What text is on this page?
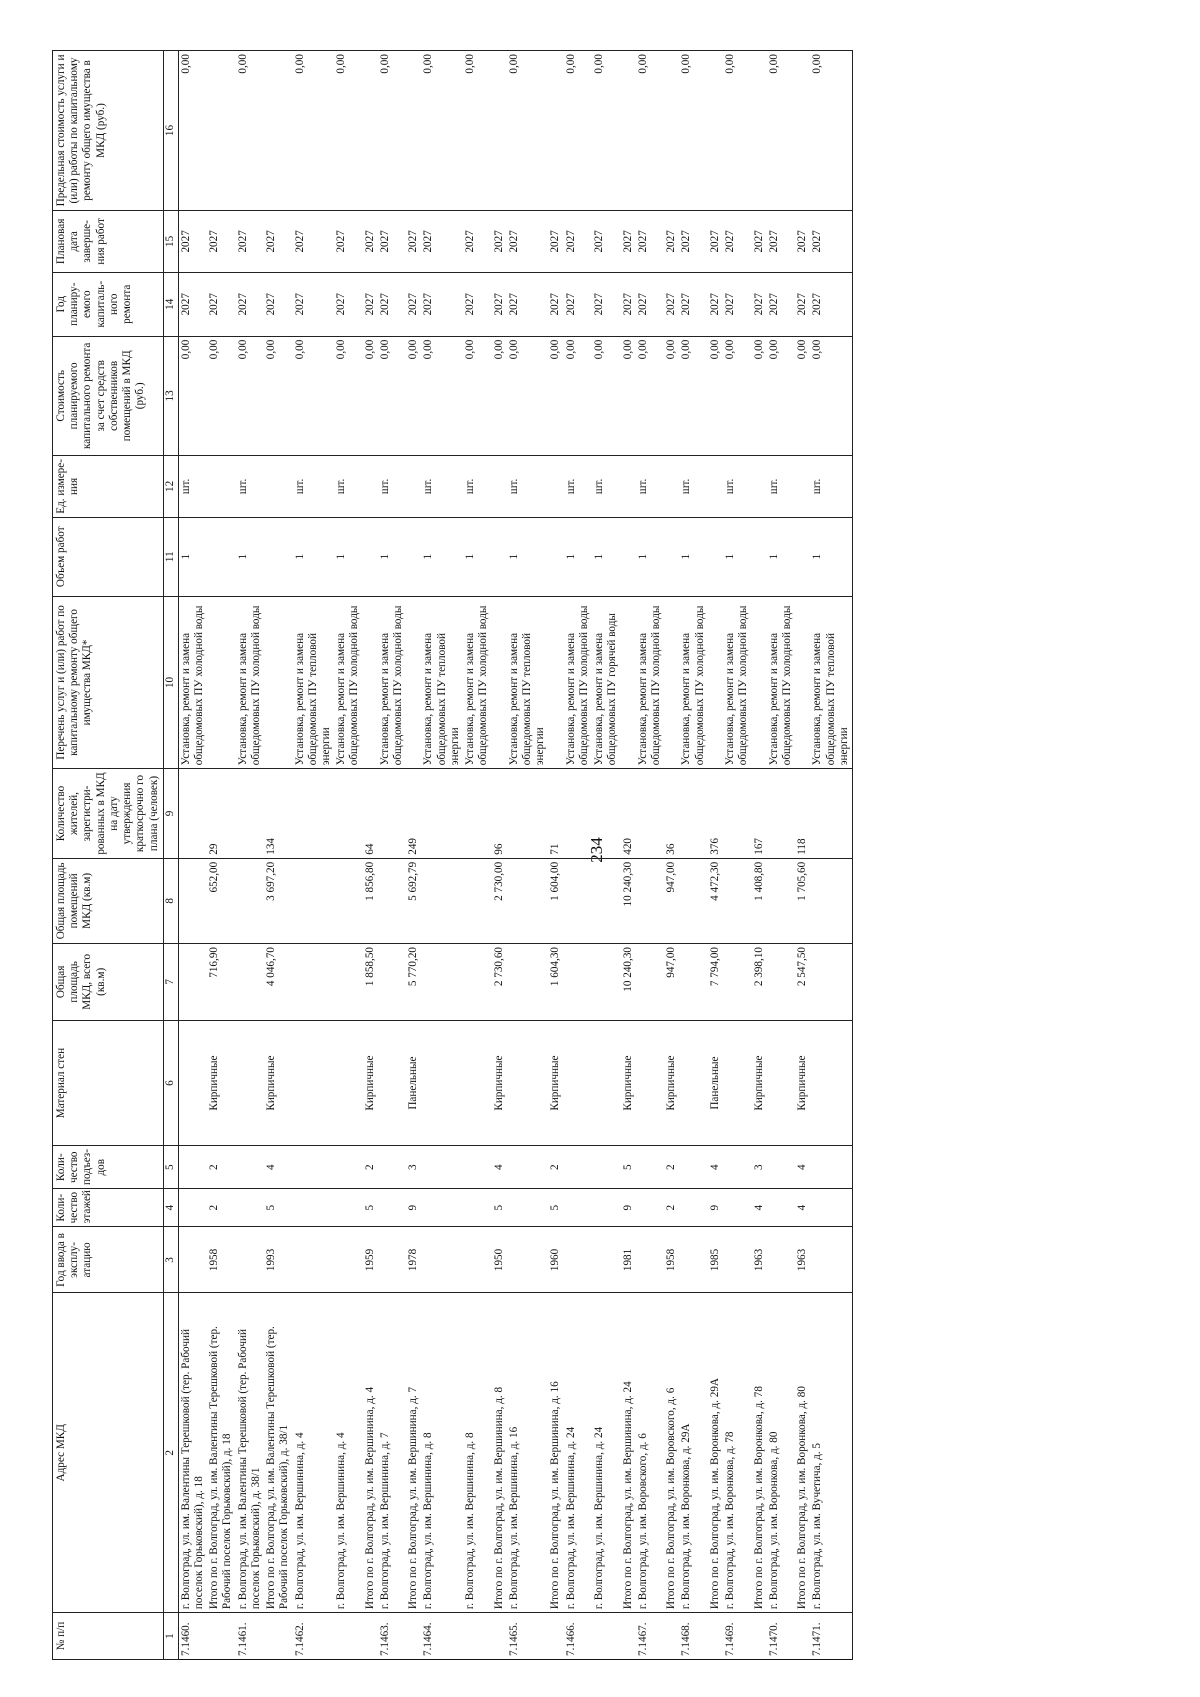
234
№ п/п	Адрес МКД	Год ввода в эксплу-атацию	Коли-чество этажей	Коли-чество подъез-дов	Материал стен	Общая площадь МКД, всего (кв.м)	Общая площадь помещений МКД (кв.м)	Количество жителей, зарегистри-рованных в МКД на дату утверждения краткосрочно го плана (человек)	Перечень услуг и (или) работ по капитальному ремонту общего имущества МКД*	Объем работ	Ед. измере-ния	Стоимость планируемого капитального ремонта за счет средств собственников помещений в МКД (руб.)	Год планиру-емого капиталь-ного ремонта	Плановая дата заверше-ния работ	Предельная стоимость услуги и (или) работы по капитальному ремонту общего имущества в МКД (руб.)
1	2	3	4	5	6	7	8	9	10	11	12	13	14	15	16
7.1460.	г. Волгоград, ул. им. Валентины Терешковой (тер. Рабочий поселок Горьковский), д. 18								Установка, ремонт и замена общедомовых ПУ холодной воды	1	шт.	0,00	2027	2027	0,00
	Итого по г. Волгоград, ул. им. Валентины Терешковой (тер. Рабочий поселок Горьковский), д. 18	1958	2	2	Кирпичные	716,90	652,00	29				0,00	2027	2027	
7.1461.	г. Волгоград, ул. им. Валентины Терешковой (тер. Рабочий поселок Горьковский), д. 38/1								Установка, ремонт и замена общедомовых ПУ холодной воды	1	шт.	0,00	2027	2027	0,00
	Итого по г. Волгоград, ул. им. Валентины Терешковой (тер. Рабочий поселок Горьковский), д. 38/1	1993	5	4	Кирпичные	4 046,70	3 697,20	134				0,00	2027	2027	
7.1462.	г. Волгоград, ул. им. Вершинина, д. 4								Установка, ремонт и замена общедомовых ПУ тепловой энергии	1	шт.	0,00	2027	2027	0,00
	г. Волгоград, ул. им. Вершинина, д. 4								Установка, ремонт и замена общедомовых ПУ холодной воды	1	шт.	0,00	2027	2027	0,00
	Итого по г. Волгоград, ул. им. Вершинина, д. 4	1959	5	2	Кирпичные	1 858,50	1 856,80	64				0,00	2027	2027	
7.1463.	г. Волгоград, ул. им. Вершинина, д. 7								Установка, ремонт и замена общедомовых ПУ холодной воды	1	шт.	0,00	2027	2027	0,00
	Итого по г. Волгоград, ул. им. Вершинина, д. 7	1978	9	3	Панельные	5 770,20	5 692,79	249				0,00	2027	2027	
7.1464.	г. Волгоград, ул. им. Вершинина, д. 8								Установка, ремонт и замена общедомовых ПУ тепловой энергии	1	шт.	0,00	2027	2027	0,00
	г. Волгоград, ул. им. Вершинина, д. 8								Установка, ремонт и замена общедомовых ПУ холодной воды	1	шт.	0,00	2027	2027	0,00
	Итого по г. Волгоград, ул. им. Вершинина, д. 8	1950	5	4	Кирпичные	2 730,60	2 730,00	96				0,00	2027	2027	
7.1465.	г. Волгоград, ул. им. Вершинина, д. 16								Установка, ремонт и замена общедомовых ПУ тепловой энергии	1	шт.	0,00	2027	2027	0,00
	Итого по г. Волгоград, ул. им. Вершинина, д. 16	1960	5	2	Кирпичные	1 604,30	1 604,00	71				0,00	2027	2027	
7.1466.	г. Волгоград, ул. им. Вершинина, д. 24								Установка, ремонт и замена общедомовых ПУ холодной воды	1	шт.	0,00	2027	2027	0,00
	г. Волгоград, ул. им. Вершинина, д. 24								Установка, ремонт и замена общедомовых ПУ горячей воды	1	шт.	0,00	2027	2027	0,00
	Итого по г. Волгоград, ул. им. Вершинина, д. 24	1981	9	5	Кирпичные	10 240,30	10 240,30	420				0,00	2027	2027	
7.1467.	г. Волгоград, ул. им. Воровского, д. 6								Установка, ремонт и замена общедомовых ПУ холодной воды	1	шт.	0,00	2027	2027	0,00
	Итого по г. Волгоград, ул. им. Воровского, д. 6	1958	2	2	Кирпичные	947,00	947,00	36				0,00	2027	2027	
7.1468.	г. Волгоград, ул. им. Воронкова, д. 29А								Установка, ремонт и замена общедомовых ПУ холодной воды	1	шт.	0,00	2027	2027	0,00
	Итого по г. Волгоград, ул. им. Воронкова, д. 29А	1985	9	4	Панельные	7 794,00	4 472,30	376				0,00	2027	2027	
7.1469.	г. Волгоград, ул. им. Воронкова, д. 78								Установка, ремонт и замена общедомовых ПУ холодной воды	1	шт.	0,00	2027	2027	0,00
	Итого по г. Волгоград, ул. им. Воронкова, д. 78	1963	4	3	Кирпичные	2 398,10	1 408,80	167				0,00	2027	2027	
7.1470.	г. Волгоград, ул. им. Воронкова, д. 80								Установка, ремонт и замена общедомовых ПУ холодной воды	1	шт.	0,00	2027	2027	0,00
	Итого по г. Волгоград, ул. им. Воронкова, д. 80	1963	4	4	Кирпичные	2 547,50	1 705,60	118				0,00	2027	2027	
7.1471.	г. Волгоград, ул. им. Вучетича, д. 5								Установка, ремонт и замена общедомовых ПУ тепловой энергии	1	шт.	0,00	2027	2027	0,00
